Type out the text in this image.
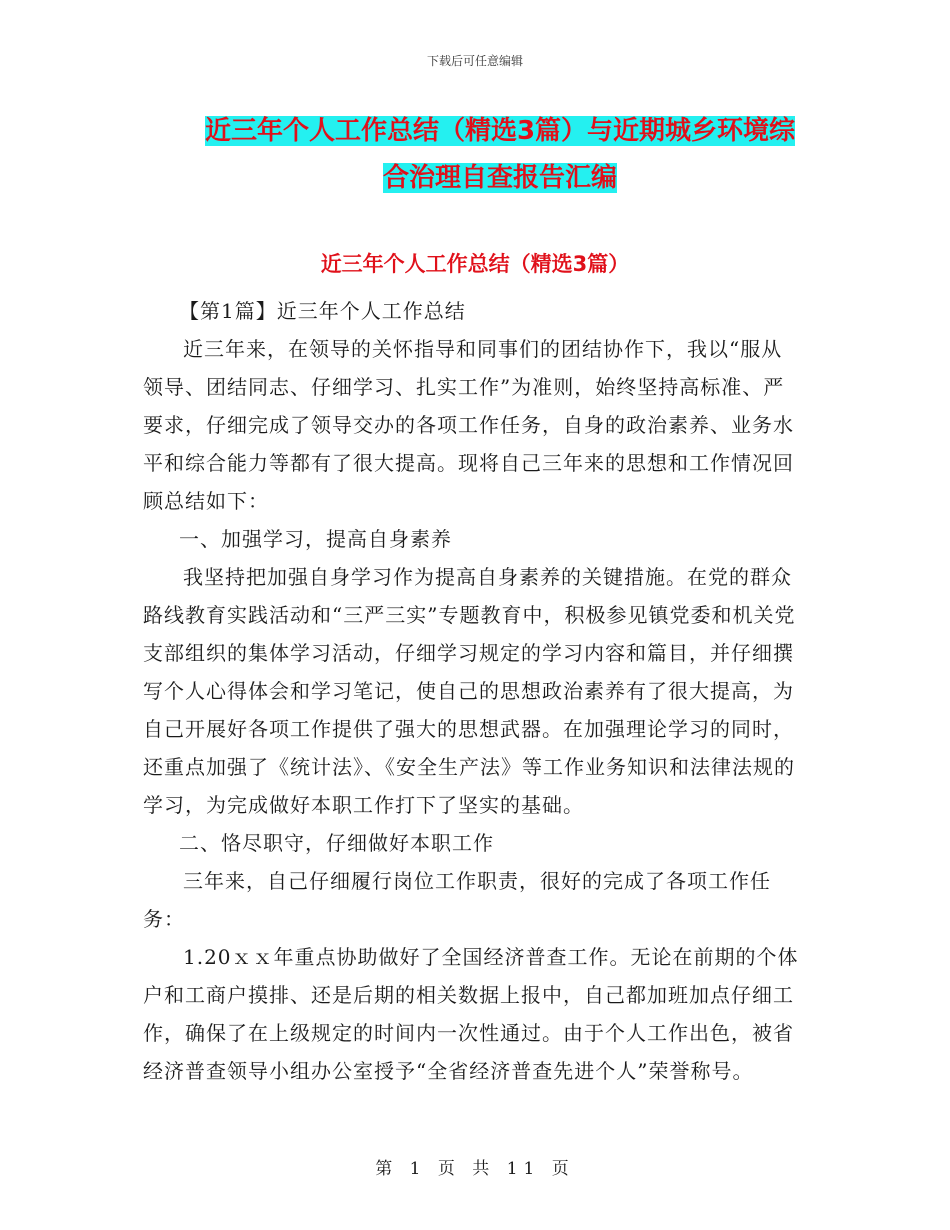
下载后可任意编辑
近三年个人工作总结（精选3篇）与近期城乡环境综
合治理自查报告汇编
近三年个人工作总结（精选3篇）

【第1篇】近三年个人工作总结

近三年来，在领导的关怀指导和同事们的团结协作下，我以“服从领导、团结同志、仔细学习、扎实工作”为准则，始终坚持高标准、严要求，仔细完成了领导交办的各项工作任务，自身的政治素养、业务水平和综合能力等都有了很大提高。现将自己三年来的思想和工作情况回顾总结如下：

一、加强学习，提高自身素养

我坚持把加强自身学习作为提高自身素养的关键措施。在党的群众路线教育实践活动和“三严三实”专题教育中，积极参见镇党委和机关党支部组织的集体学习活动，仔细学习规定的学习内容和篇目，并仔细撰写个人心得体会和学习笔记，使自己的思想政治素养有了很大提高，为自己开展好各项工作提供了强大的思想武器。在加强理论学习的同时，还重点加强了《统计法》、《安全生产法》等工作业务知识和法律法规的学习，为完成做好本职工作打下了坚实的基础。

二、恪尽职守，仔细做好本职工作

三年来，自己仔细履行岗位工作职责，很好的完成了各项工作任务：

1.20ｘｘ年重点协助做好了全国经济普查工作。无论在前期的个体户和工商户摸排、还是后期的相关数据上报中，自己都加班加点仔细工作，确保了在上级规定的时间内一次性通过。由于个人工作出色，被省经济普查领导小组办公室授予“全省经济普查先进个人”荣誉称号。

第 1 页 共 11 页
